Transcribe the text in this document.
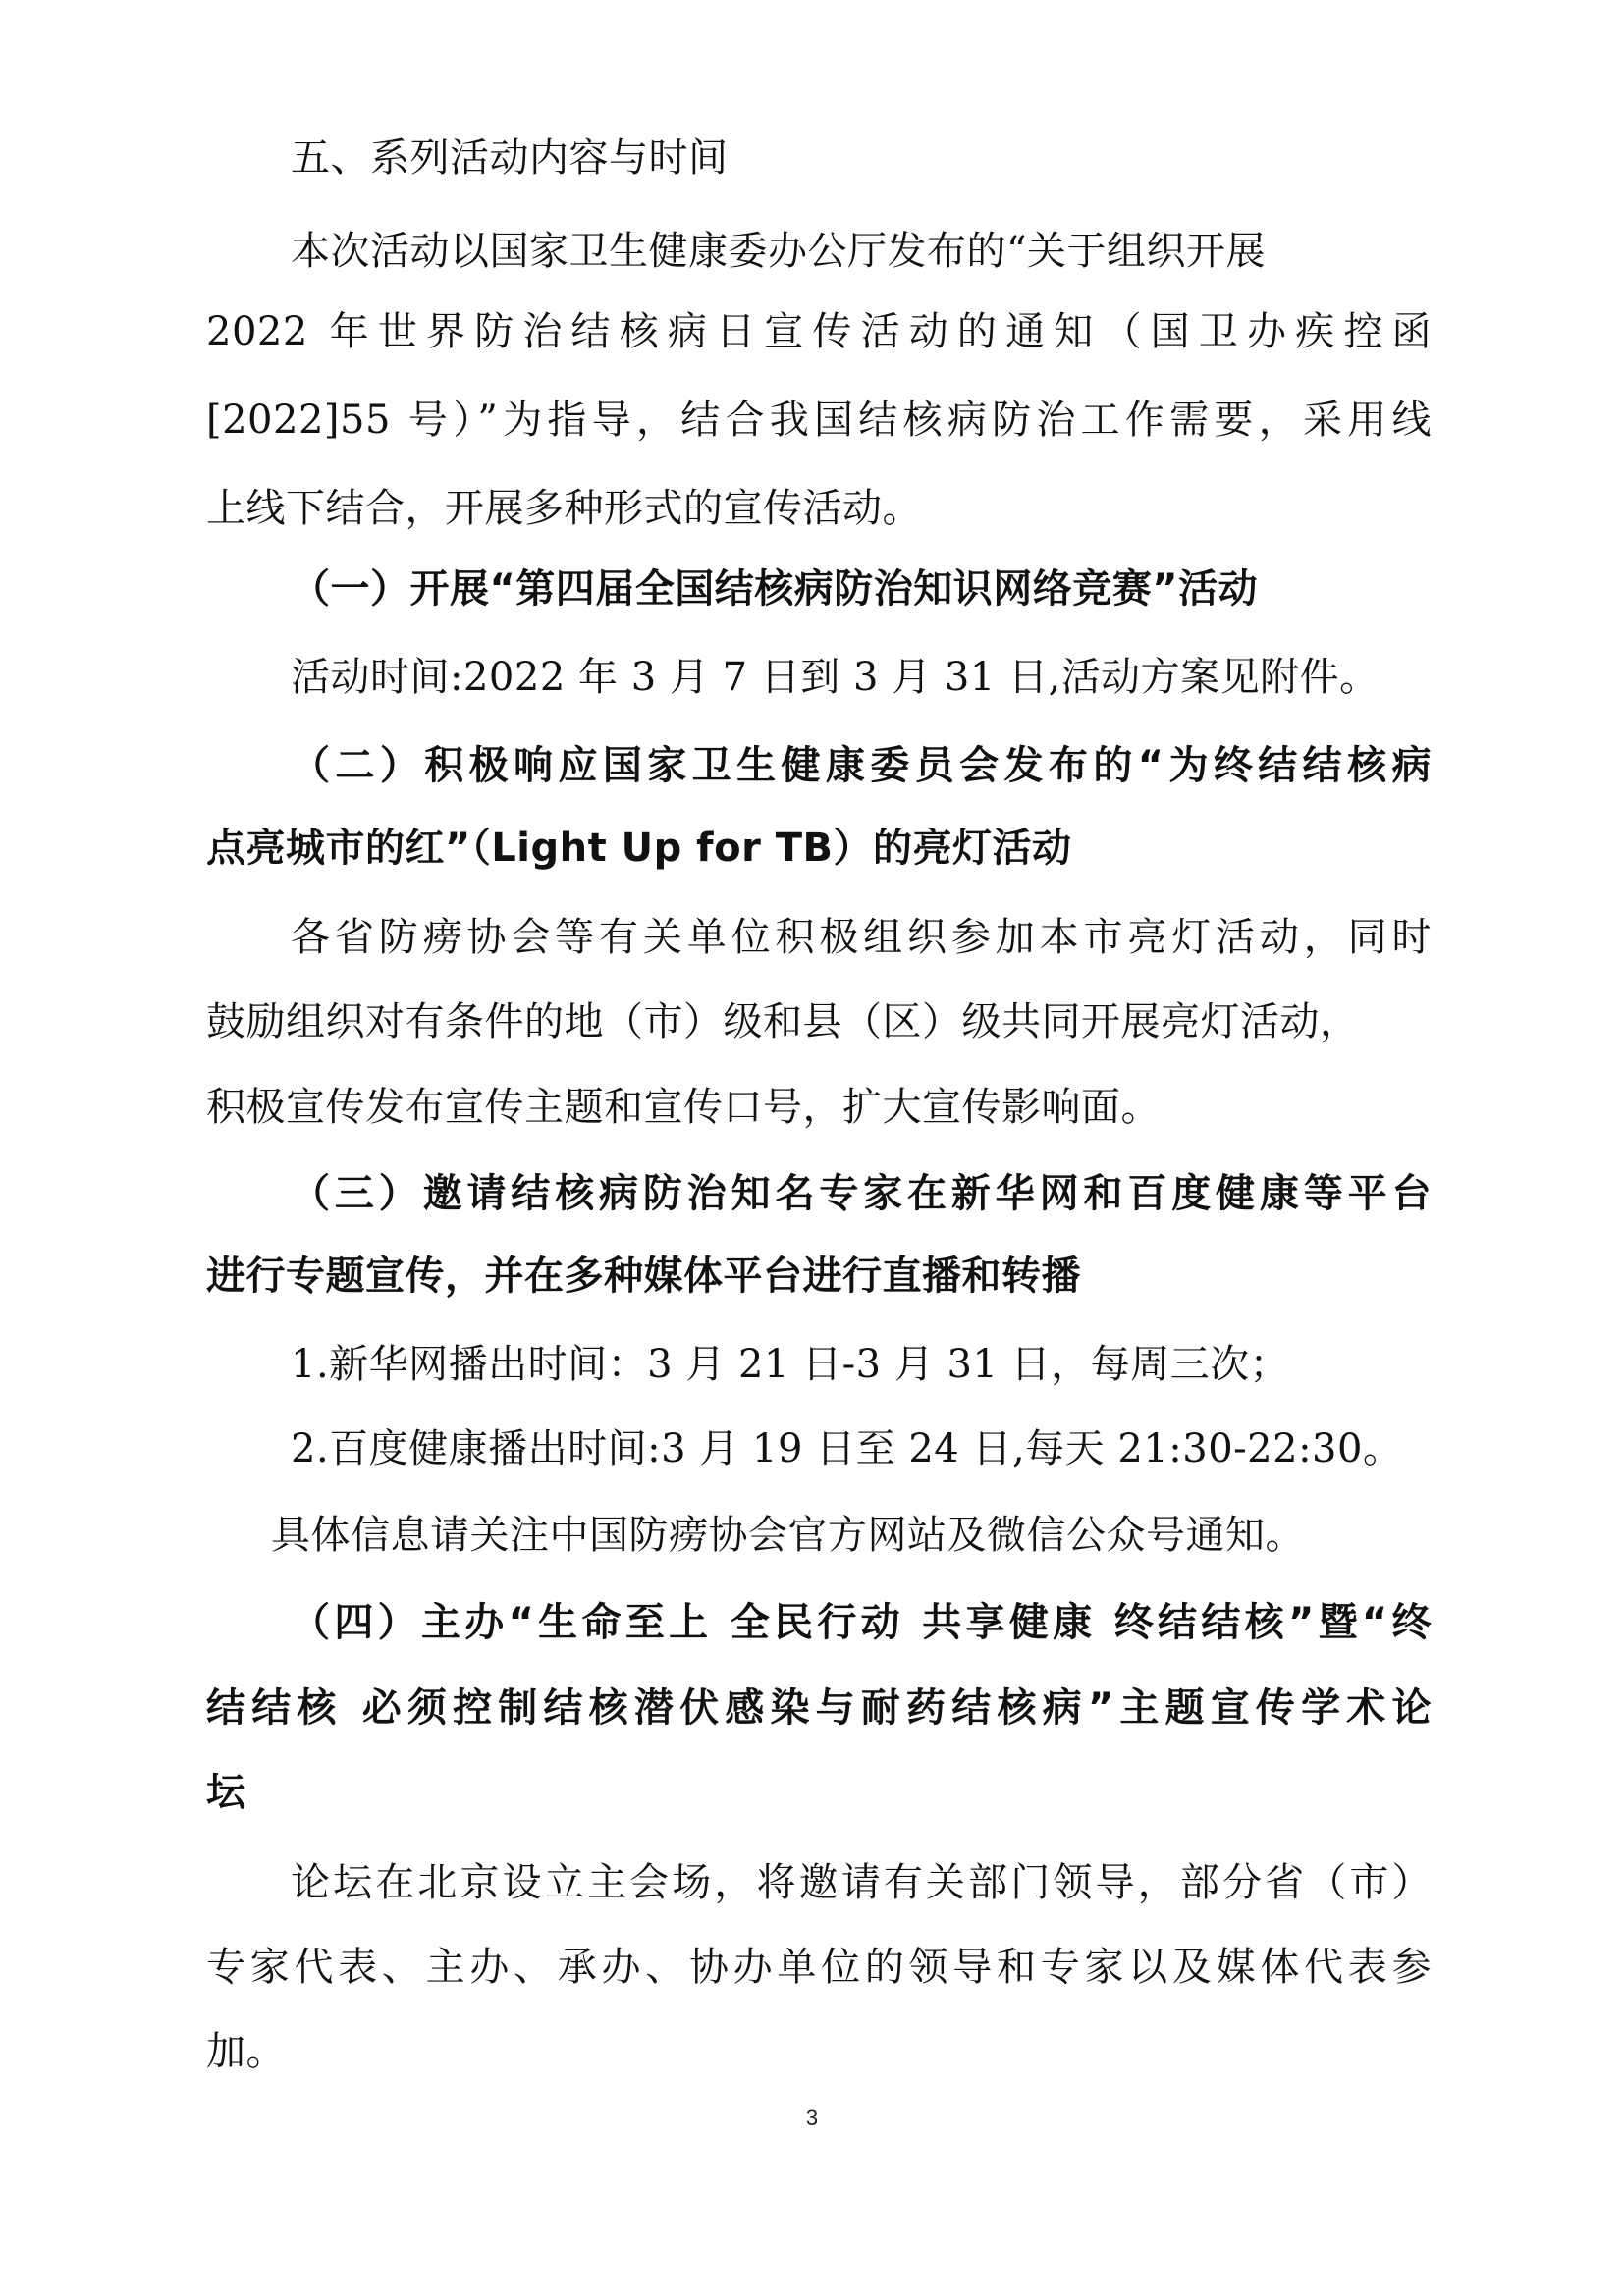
五、系列活动内容与时间
本次活动以国家卫生健康委办公厅发布的“关于组织开展
2022 年世界防治结核病日宣传活动的通知（国卫办疾控函
[2022]55 号）”为指导，结合我国结核病防治工作需要，采用线
上线下结合，开展多种形式的宣传活动。
（一）开展“第四届全国结核病防治知识网络竞赛”活动
活动时间:2022 年 3 月 7 日到 3 月 31 日,活动方案见附件。
（二）积极响应国家卫生健康委员会发布的“为终结结核病
点亮城市的红”（Light Up for TB）的亮灯活动
各省防痨协会等有关单位积极组织参加本市亮灯活动，同时
鼓励组织对有条件的地（市）级和县（区）级共同开展亮灯活动，
积极宣传发布宣传主题和宣传口号，扩大宣传影响面。
（三）邀请结核病防治知名专家在新华网和百度健康等平台
进行专题宣传，并在多种媒体平台进行直播和转播
1.新华网播出时间：3 月 21 日-3 月 31 日，每周三次；
2.百度健康播出时间:3 月 19 日至 24 日,每天 21:30-22:30。
具体信息请关注中国防痨协会官方网站及微信公众号通知。
（四）主办“生命至上 全民行动 共享健康 终结结核”暨“终
结结核 必须控制结核潜伏感染与耐药结核病”主题宣传学术论
坛
论坛在北京设立主会场，将邀请有关部门领导，部分省（市）
专家代表、主办、承办、协办单位的领导和专家以及媒体代表参
加。
3
